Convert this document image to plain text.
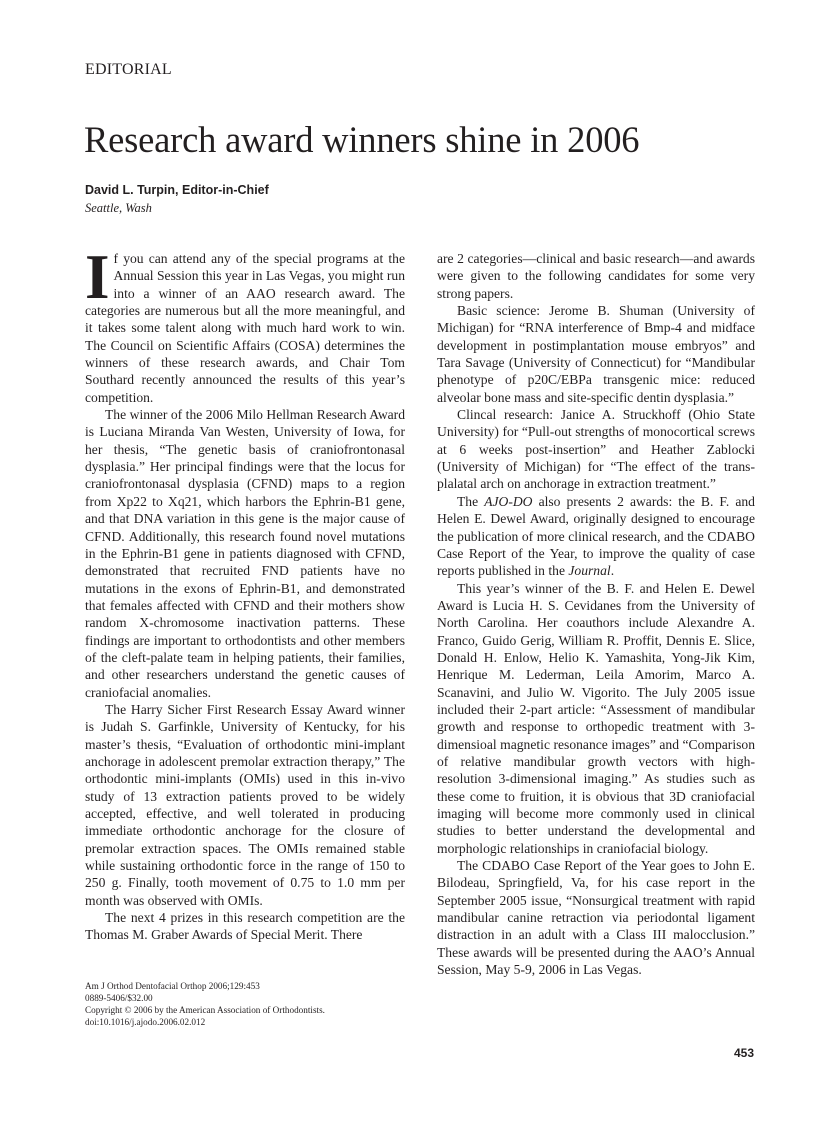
EDITORIAL
Research award winners shine in 2006
David L. Turpin, Editor-in-Chief
Seattle, Wash

If you can attend any of the special programs at the Annual Session this year in Las Vegas, you might run into a winner of an AAO research award. The categories are numerous but all the more meaningful, and it takes some talent along with much hard work to win. The Council on Scientific Affairs (COSA) determines the winners of these research awards, and Chair Tom Southard recently announced the results of this year’s competition.

The winner of the 2006 Milo Hellman Research Award is Luciana Miranda Van Westen, University of Iowa, for her thesis, “The genetic basis of craniofrontonasal dysplasia.” Her principal findings were that the locus for craniofrontonasal dysplasia (CFND) maps to a region from Xp22 to Xq21, which harbors the Ephrin-B1 gene, and that DNA variation in this gene is the major cause of CFND. Additionally, this research found novel mutations in the Ephrin-B1 gene in patients diagnosed with CFND, demonstrated that recruited FND patients have no mutations in the exons of Ephrin-B1, and demonstrated that females affected with CFND and their mothers show random X-chromosome inactivation patterns. These findings are important to orthodontists and other members of the cleft-palate team in helping patients, their families, and other researchers understand the genetic causes of craniofacial anomalies.

The Harry Sicher First Research Essay Award winner is Judah S. Garfinkle, University of Kentucky, for his master’s thesis, “Evaluation of orthodontic mini-implant anchorage in adolescent premolar extraction therapy,” The orthodontic mini-implants (OMIs) used in this in-vivo study of 13 extraction patients proved to be widely accepted, effective, and well tolerated in producing immediate orthodontic anchorage for the closure of premolar extraction spaces. The OMIs remained stable while sustaining orthodontic force in the range of 150 to 250 g. Finally, tooth movement of 0.75 to 1.0 mm per month was observed with OMIs.

The next 4 prizes in this research competition are the Thomas M. Graber Awards of Special Merit. There

are 2 categories—clinical and basic research—and awards were given to the following candidates for some very strong papers.

Basic science: Jerome B. Shuman (University of Michigan) for “RNA interference of Bmp-4 and midface development in postimplantation mouse embryos” and Tara Savage (University of Connecticut) for “Mandibular phenotype of p20C/EBPa transgenic mice: reduced alveolar bone mass and site-specific dentin dysplasia.”

Clincal research: Janice A. Struckhoff (Ohio State University) for “Pull-out strengths of monocortical screws at 6 weeks post-insertion” and Heather Zablocki (University of Michigan) for “The effect of the transplalatal arch on anchorage in extraction treatment.”

The AJO-DO also presents 2 awards: the B. F. and Helen E. Dewel Award, originally designed to encourage the publication of more clinical research, and the CDABO Case Report of the Year, to improve the quality of case reports published in the Journal.

This year’s winner of the B. F. and Helen E. Dewel Award is Lucia H. S. Cevidanes from the University of North Carolina. Her coauthors include Alexandre A. Franco, Guido Gerig, William R. Proffit, Dennis E. Slice, Donald H. Enlow, Helio K. Yamashita, Yong-Jik Kim, Henrique M. Lederman, Leila Amorim, Marco A. Scanavini, and Julio W. Vigorito. The July 2005 issue included their 2-part article: “Assessment of mandibular growth and response to orthopedic treatment with 3-dimensioal magnetic resonance images” and “Comparison of relative mandibular growth vectors with high-resolution 3-dimensional imaging.” As studies such as these come to fruition, it is obvious that 3D craniofacial imaging will become more commonly used in clinical studies to better understand the developmental and morphologic relationships in craniofacial biology.

The CDABO Case Report of the Year goes to John E. Bilodeau, Springfield, Va, for his case report in the September 2005 issue, “Nonsurgical treatment with rapid mandibular canine retraction via periodontal ligament distraction in an adult with a Class III malocclusion.” These awards will be presented during the AAO’s Annual Session, May 5-9, 2006 in Las Vegas.

Am J Orthod Dentofacial Orthop 2006;129:453
0889-5406/$32.00
Copyright © 2006 by the American Association of Orthodontists.
doi:10.1016/j.ajodo.2006.02.012
453
